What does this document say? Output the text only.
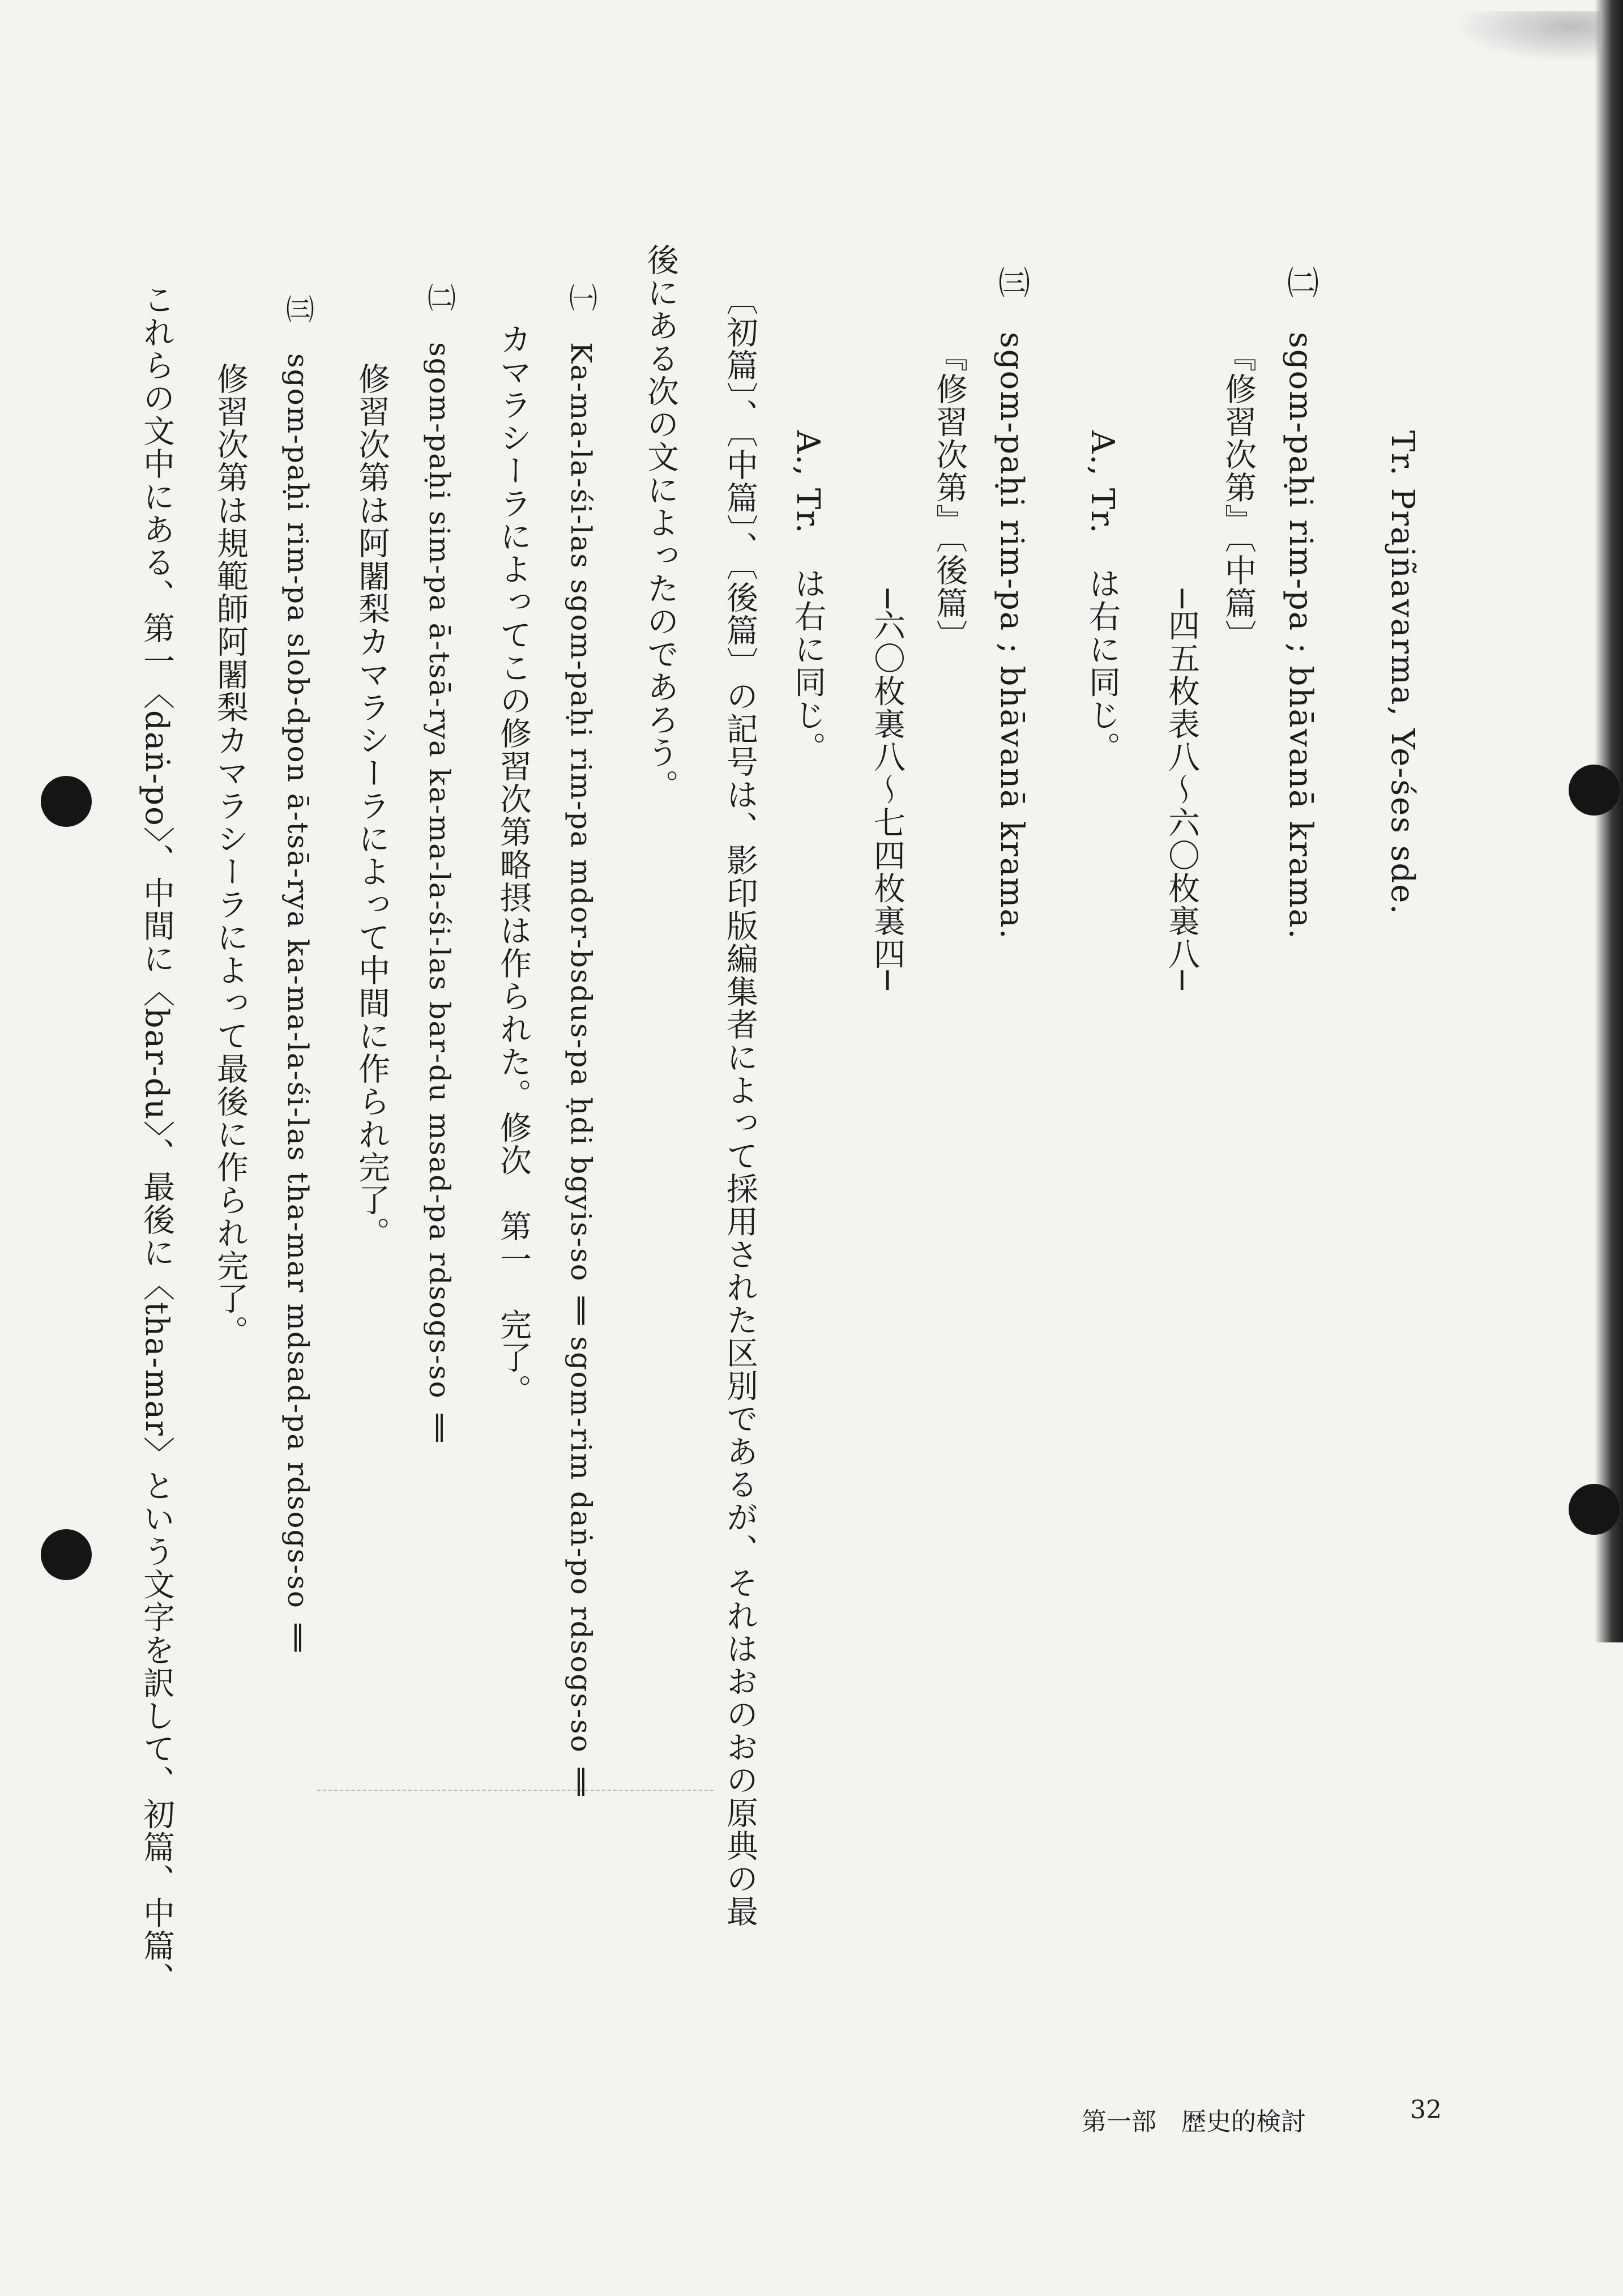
Tr. Prajñavarma, Ye-śes sde.
㈡　sgom-paḥi rim-pa ; bhāvanā krama.
『修習次第』〔中篇〕
─四五枚表八〜六〇枚裏八─
A., Tr.　は右に同じ。
㈢　sgom-paḥi rim-pa ; bhāvanā krama.
『修習次第』〔後篇〕
─六〇枚裏八〜七四枚裏四─
A., Tr.　は右に同じ。
〔初篇〕、〔中篇〕、〔後篇〕の記号は、影印版編集者によって採用された区別であるが、それはおのおの原典の最
後にある次の文によったのであろう。
㈠　Ka-ma-la-śi-las sgom-paḥi rim-pa mdor-bsdus-pa ḥdi bgyis-so ‖ sgom-rim daṅ-po rdsogs-so ‖
カマラシーラによってこの修習次第略摂は作られた。修次　第一　完了。
㈡　sgom-paḥi sim-pa ā-tsā-rya ka-ma-la-śi-las bar-du msad-pa rdsogs-so ‖
修習次第は阿闍梨カマラシーラによって中間に作られ完了。
㈢　sgom-paḥi rim-pa slob-dpon ā-tsā-rya ka-ma-la-śi-las tha-mar mdsad-pa rdsogs-so ‖
修習次第は規範師阿闍梨カマラシーラによって最後に作られ完了。
これらの文中にある、第一〈daṅ-po〉、中間に〈bar-du〉、最後に〈tha-mar〉という文字を訳して、初篇、中篇、
第一部　歴史的検討	32
